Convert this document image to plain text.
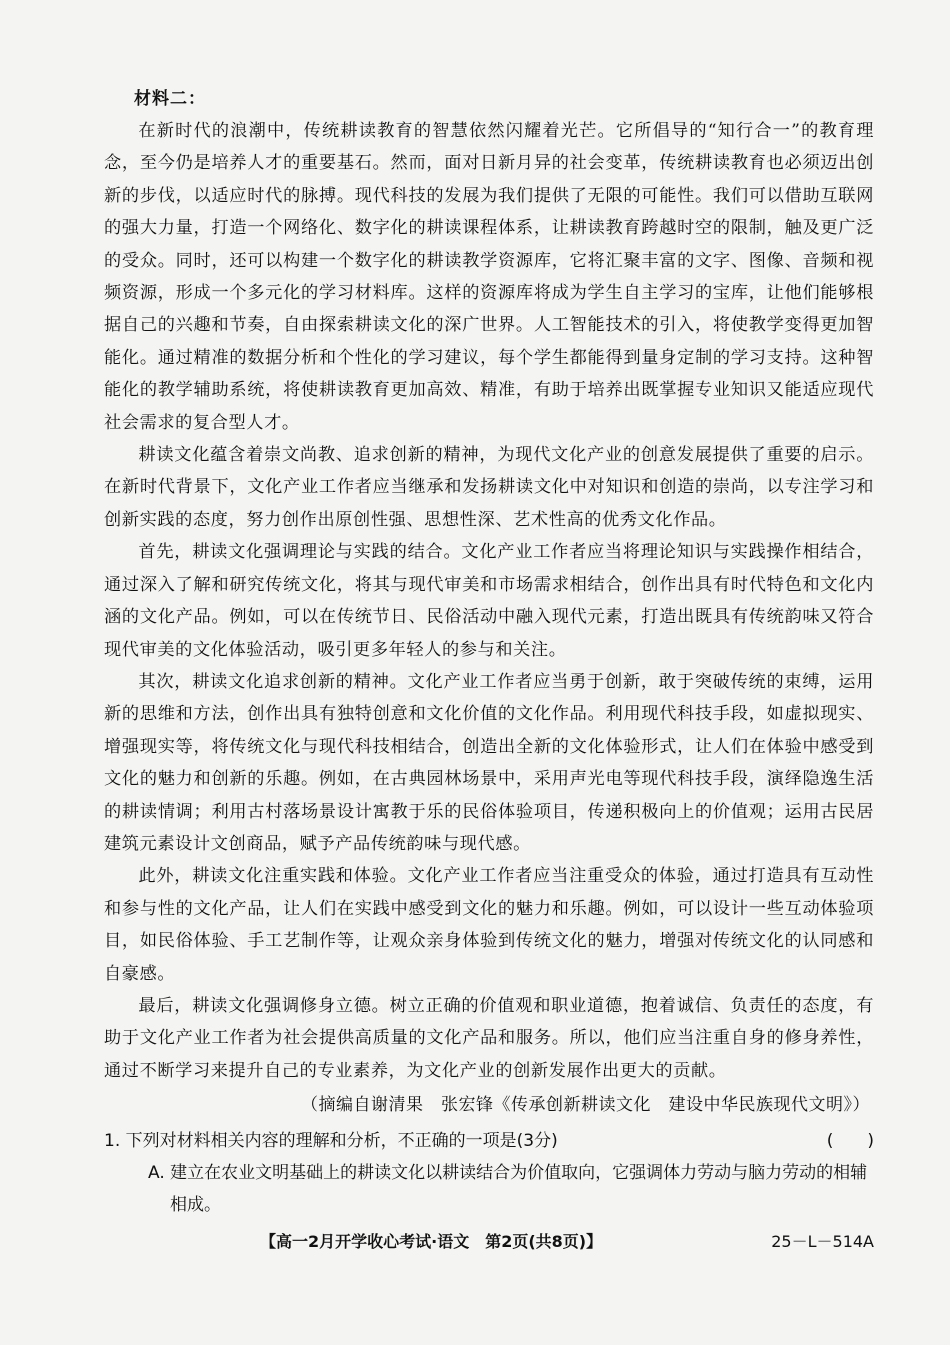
材料二：

在新时代的浪潮中，传统耕读教育的智慧依然闪耀着光芒。它所倡导的“知行合一”的教育理念，至今仍是培养人才的重要基石。然而，面对日新月异的社会变革，传统耕读教育也必须迈出创新的步伐，以适应时代的脉搏。现代科技的发展为我们提供了无限的可能性。我们可以借助互联网的强大力量，打造一个网络化、数字化的耕读课程体系，让耕读教育跨越时空的限制，触及更广泛的受众。同时，还可以构建一个数字化的耕读教学资源库，它将汇聚丰富的文字、图像、音频和视频资源，形成一个多元化的学习材料库。这样的资源库将成为学生自主学习的宝库，让他们能够根据自己的兴趣和节奏，自由探索耕读文化的深广世界。人工智能技术的引入，将使教学变得更加智能化。通过精准的数据分析和个性化的学习建议，每个学生都能得到量身定制的学习支持。这种智能化的教学辅助系统，将使耕读教育更加高效、精准，有助于培养出既掌握专业知识又能适应现代社会需求的复合型人才。

耕读文化蕴含着崇文尚教、追求创新的精神，为现代文化产业的创意发展提供了重要的启示。在新时代背景下，文化产业工作者应当继承和发扬耕读文化中对知识和创造的崇尚，以专注学习和创新实践的态度，努力创作出原创性强、思想性深、艺术性高的优秀文化作品。

首先，耕读文化强调理论与实践的结合。文化产业工作者应当将理论知识与实践操作相结合，通过深入了解和研究传统文化，将其与现代审美和市场需求相结合，创作出具有时代特色和文化内涵的文化产品。例如，可以在传统节日、民俗活动中融入现代元素，打造出既具有传统韵味又符合现代审美的文化体验活动，吸引更多年轻人的参与和关注。

其次，耕读文化追求创新的精神。文化产业工作者应当勇于创新，敢于突破传统的束缚，运用新的思维和方法，创作出具有独特创意和文化价值的文化作品。利用现代科技手段，如虚拟现实、增强现实等，将传统文化与现代科技相结合，创造出全新的文化体验形式，让人们在体验中感受到文化的魅力和创新的乐趣。例如，在古典园林场景中，采用声光电等现代科技手段，演绎隐逸生活的耕读情调；利用古村落场景设计寓教于乐的民俗体验项目，传递积极向上的价值观；运用古民居建筑元素设计文创商品，赋予产品传统韵味与现代感。

此外，耕读文化注重实践和体验。文化产业工作者应当注重受众的体验，通过打造具有互动性和参与性的文化产品，让人们在实践中感受到文化的魅力和乐趣。例如，可以设计一些互动体验项目，如民俗体验、手工艺制作等，让观众亲身体验到传统文化的魅力，增强对传统文化的认同感和自豪感。

最后，耕读文化强调修身立德。树立正确的价值观和职业道德，抱着诚信、负责任的态度，有助于文化产业工作者为社会提供高质量的文化产品和服务。所以，他们应当注重自身的修身养性，通过不断学习来提升自己的专业素养，为文化产业的创新发展作出更大的贡献。

（摘编自谢清果　张宏锋《传承创新耕读文化　建设中华民族现代文明》）
1. 下列对材料相关内容的理解和分析，不正确的一项是(3分)	(　　)
A. 建立在农业文明基础上的耕读文化以耕读结合为价值取向，它强调体力劳动与脑力劳动的相辅相成。
【高一2月开学收心考试·语文　第2页(共8页)】	25－L－514A
